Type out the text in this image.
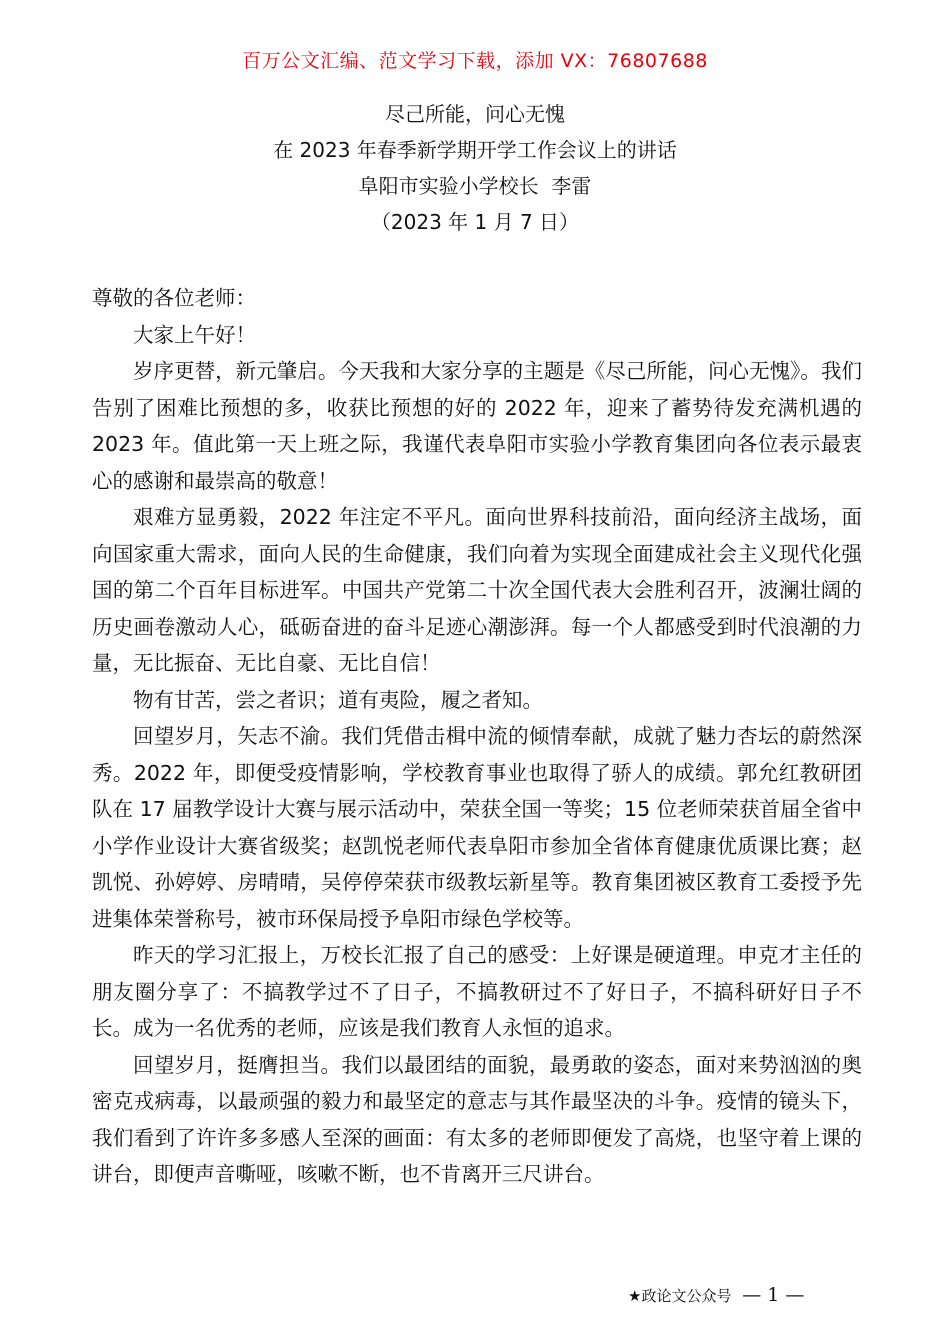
百万公文汇编、范文学习下载，添加 VX：76807688
尽己所能，问心无愧
在 2023 年春季新学期开学工作会议上的讲话
阜阳市实验小学校长  李雷
（2023 年 1 月 7 日）

尊敬的各位老师：

大家上午好！

岁序更替，新元肇启。今天我和大家分享的主题是《尽己所能，问心无愧》。我们告别了困难比预想的多，收获比预想的好的 2022 年，迎来了蓄势待发充满机遇的 2023 年。值此第一天上班之际，我谨代表阜阳市实验小学教育集团向各位表示最衷心的感谢和最崇高的敬意！

艰难方显勇毅，2022 年注定不平凡。面向世界科技前沿，面向经济主战场，面向国家重大需求，面向人民的生命健康，我们向着为实现全面建成社会主义现代化强国的第二个百年目标进军。中国共产党第二十次全国代表大会胜利召开，波澜壮阔的历史画卷激动人心，砥砺奋进的奋斗足迹心潮澎湃。每一个人都感受到时代浪潮的力量，无比振奋、无比自豪、无比自信！

物有甘苦，尝之者识；道有夷险，履之者知。

回望岁月，矢志不渝。我们凭借击楫中流的倾情奉献，成就了魅力杏坛的蔚然深秀。2022 年，即便受疫情影响，学校教育事业也取得了骄人的成绩。郭允红教研团队在 17 届教学设计大赛与展示活动中，荣获全国一等奖；15 位老师荣获首届全省中小学作业设计大赛省级奖；赵凯悦老师代表阜阳市参加全省体育健康优质课比赛；赵凯悦、孙婷婷、房晴晴，吴停停荣获市级教坛新星等。教育集团被区教育工委授予先进集体荣誉称号，被市环保局授予阜阳市绿色学校等。

昨天的学习汇报上，万校长汇报了自己的感受：上好课是硬道理。申克才主任的朋友圈分享了：不搞教学过不了日子，不搞教研过不了好日子，不搞科研好日子不长。成为一名优秀的老师，应该是我们教育人永恒的追求。

回望岁月，挺膺担当。我们以最团结的面貌，最勇敢的姿态，面对来势汹汹的奥密克戎病毒，以最顽强的毅力和最坚定的意志与其作最坚决的斗争。疫情的镜头下，我们看到了许许多多感人至深的画面：有太多的老师即便发了高烧，也坚守着上课的讲台，即便声音嘶哑，咳嗽不断，也不肯离开三尺讲台。

★政论文公众号 — 1 —
